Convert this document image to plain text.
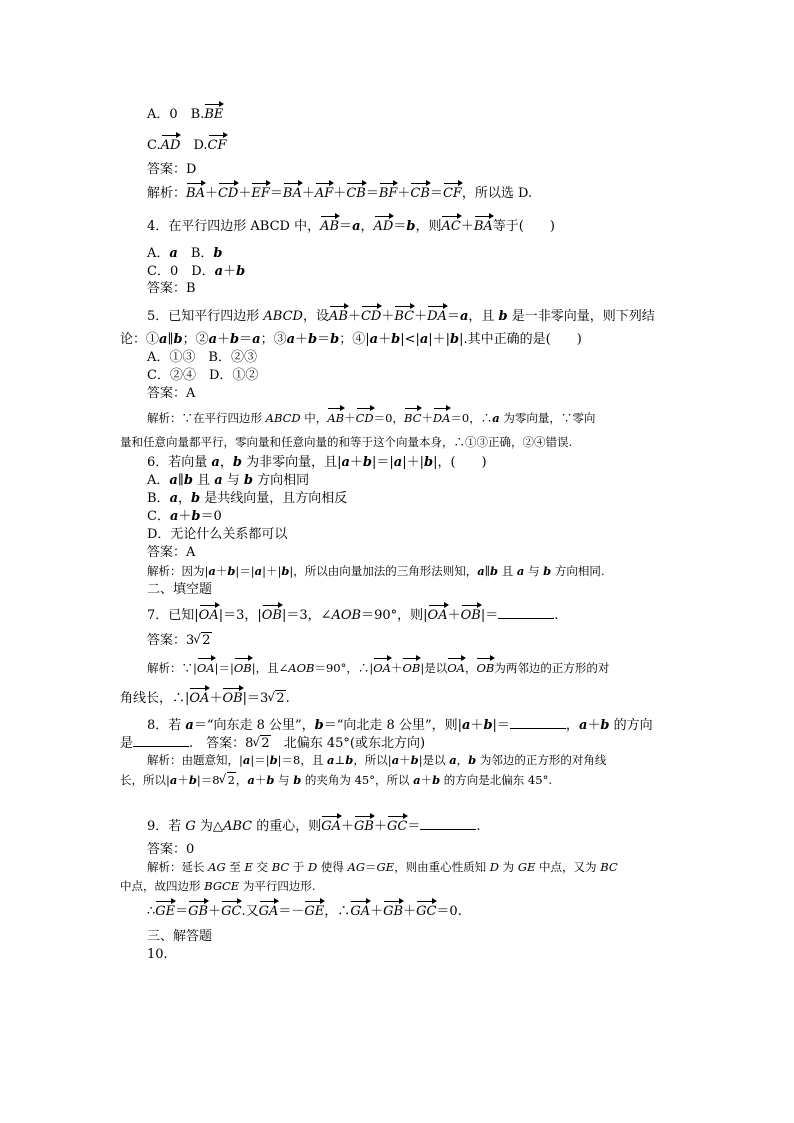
A．0　B.BE
C.AD　D.CF
答案：D
解析：BA＋CD＋EF＝BA＋AF＋CB＝BF＋CB＝CF，所以选 D.
4．在平行四边形 ABCD 中，AB＝a，AD＝b，则AC＋BA等于(　　)
A．a　B．b
C．0　D．a＋b
答案：B
5．已知平行四边形 ABCD，设AB＋CD＋BC＋DA＝a，且 b 是一非零向量，则下列结
论：①a∥b；②a＋b＝a；③a＋b＝b；④|a＋b|<|a|＋|b|.其中正确的是(　　)
A．①③　B．②③
C．②④　D．①②
答案：A
解析：∵在平行四边形 ABCD 中，AB＋CD＝0，BC＋DA＝0，∴a 为零向量，∵零向
量和任意向量都平行，零向量和任意向量的和等于这个向量本身，∴①③正确，②④错误.
6．若向量 a，b 为非零向量，且|a＋b|＝|a|＋|b|，(　　)
A．a∥b 且 a 与 b 方向相同
B．a，b 是共线向量，且方向相反
C．a＋b＝0
D．无论什么关系都可以
答案：A
解析：因为|a＋b|＝|a|＋|b|，所以由向量加法的三角形法则知，a∥b 且 a 与 b 方向相同.
二、填空题
7．已知|OA|＝3，|OB|＝3，∠AOB＝90°，则|OA＋OB|＝	.
答案：3 √ 2
解析：∵|OA|＝|OB|，且∠AOB＝90°，∴|OA＋OB|是以OA，OB为两邻边的正方形的对
角线长，∴|OA＋OB|＝3 √ 2.
8．若 a＝“向东走 8 公里”，b＝“向北走 8 公里”，则|a＋b|＝	，a＋b 的方向
是	.　答案：8 √ 2　北偏东 45°(或东北方向)
解析：由题意知，|a|＝|b|＝8，且 a⊥b，所以|a＋b|是以 a，b 为邻边的正方形的对角线
长，所以|a＋b|＝8 √ 2，a＋b 与 b 的夹角为 45°，所以 a＋b 的方向是北偏东 45°.
9．若 G 为△ABC 的重心，则GA＋GB＋GC＝	.
答案：0
解析：延长 AG 至 E 交 BC 于 D 使得 AG＝GE，则由重心性质知 D 为 GE 中点，又为 BC
中点，故四边形 BGCE 为平行四边形.
∴GE＝GB＋GC.又GA＝－GE，∴GA＋GB＋GC＝0.
三、解答题
10.
